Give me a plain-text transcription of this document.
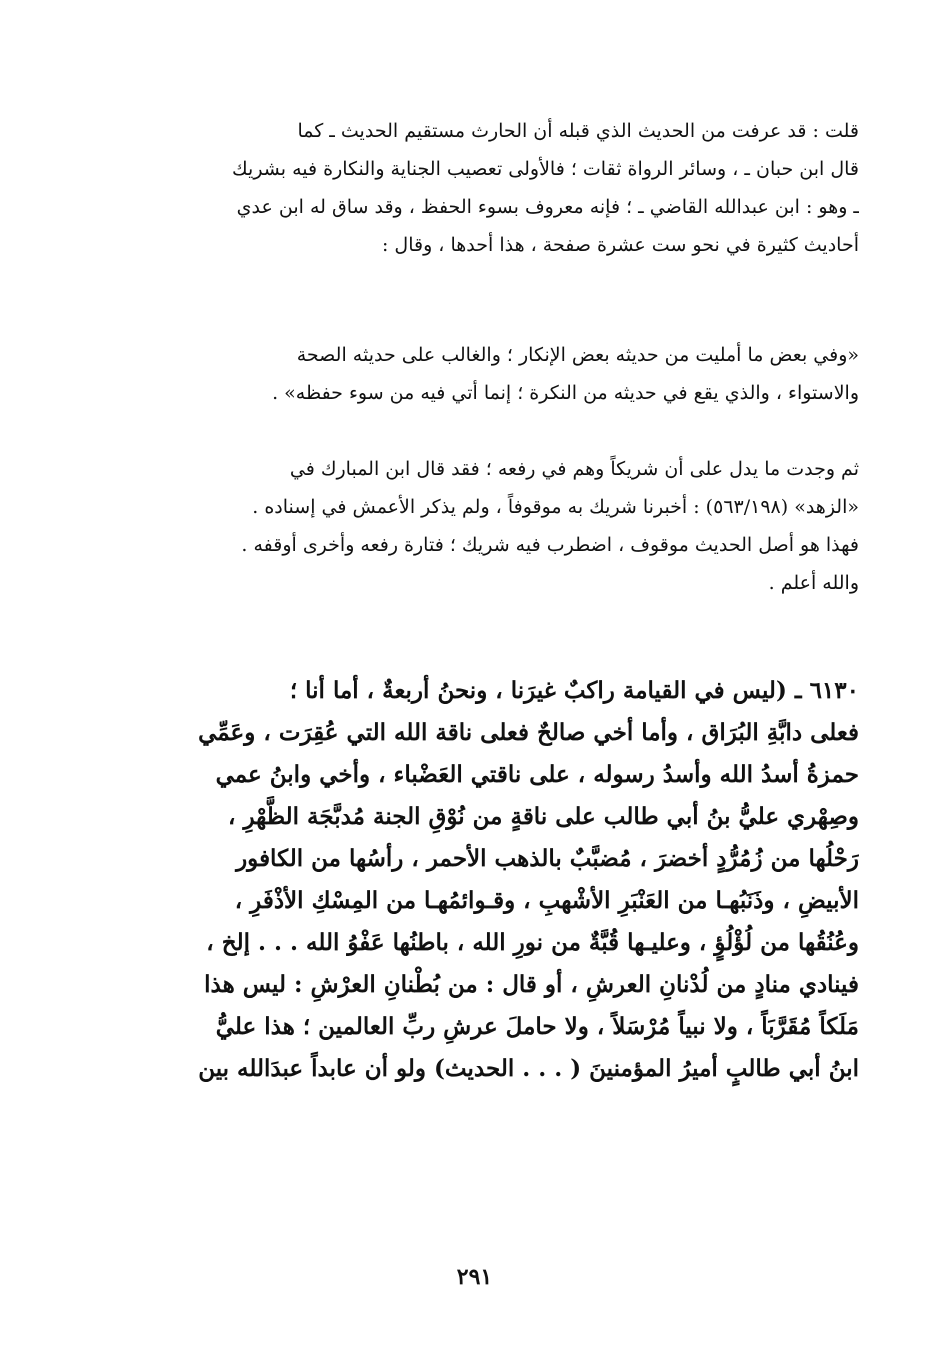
قلت : قد عرفت من الحديث الذي قبله أن الحارث مستقيم الحديث ـ كما
قال ابن حبان ـ ، وسائر الرواة ثقات ؛ فالأولى تعصيب الجناية والنكارة فيه بشريك
ـ وهو : ابن عبدالله القاضي ـ ؛ فإنه معروف بسوء الحفظ ، وقد ساق له ابن عدي
أحاديث كثيرة في نحو ست عشرة صفحة ، هذا أحدها ، وقال :
«وفي بعض ما أمليت من حديثه بعض الإنكار ؛ والغالب على حديثه الصحة
والاستواء ، والذي يقع في حديثه من النكرة ؛ إنما أتي فيه من سوء حفظه» .
ثم وجدت ما يدل على أن شريكاً وهم في رفعه ؛ فقد قال ابن المبارك في
«الزهد» (٥٦٣/١٩٨) : أخبرنا شريك به موقوفاً ، ولم يذكر الأعمش في إسناده .
فهذا هو أصل الحديث موقوف ، اضطرب فيه شريك ؛ فتارة رفعه وأخرى أوقفه .
والله أعلم .
٦١٣٠ ـ (ليس في القيامة راكبٌ غيرَنا ، ونحنُ أربعةٌ ، أما أنا ؛
فعلى دابَّةِ البُرَاق ، وأما أخي صالحٌ فعلى ناقة الله التي عُقِرَت ، وعَمِّي
حمزةُ أسدُ الله وأسدُ رسوله ، على ناقتي العَضْباء ، وأخي وابنُ عمي
وصِهْري عليُّ بنُ أبي طالب على ناقةٍ من نُوْقِ الجنة مُدبَّجَة الظَّهْرِ ،
رَحْلُها من زُمُرُّدٍ أخضرَ ، مُضبَّبٌ بالذهب الأحمر ، رأسُها من الكافور
الأبيضِ ، وذَنَبُهـا من العَنْبَرِ الأشْهبِ ، وقـوائمُهـا من المِسْكِ الأذْفَرِ ،
وعُنُقُها من لُؤْلُؤٍ ، وعليـها قُبَّةٌ من نورِ الله ، باطنُها عَفْوُ الله . . . إلخ ،
فينادي منادٍ من لُدْنانِ العرشِ ، أو قال : من بُطْنانِ العرْشِ : ليس هذا
مَلَكاً مُقَرَّبَاً ، ولا نبياً مُرْسَلاً ، ولا حاملَ عرشِ ربِّ العالمين ؛ هذا عليُّ
ابنُ أبي طالبٍ أميرُ المؤمنينَ ( . . . الحديث) ولو أن عابداً عبدَالله بين
٢٩١
